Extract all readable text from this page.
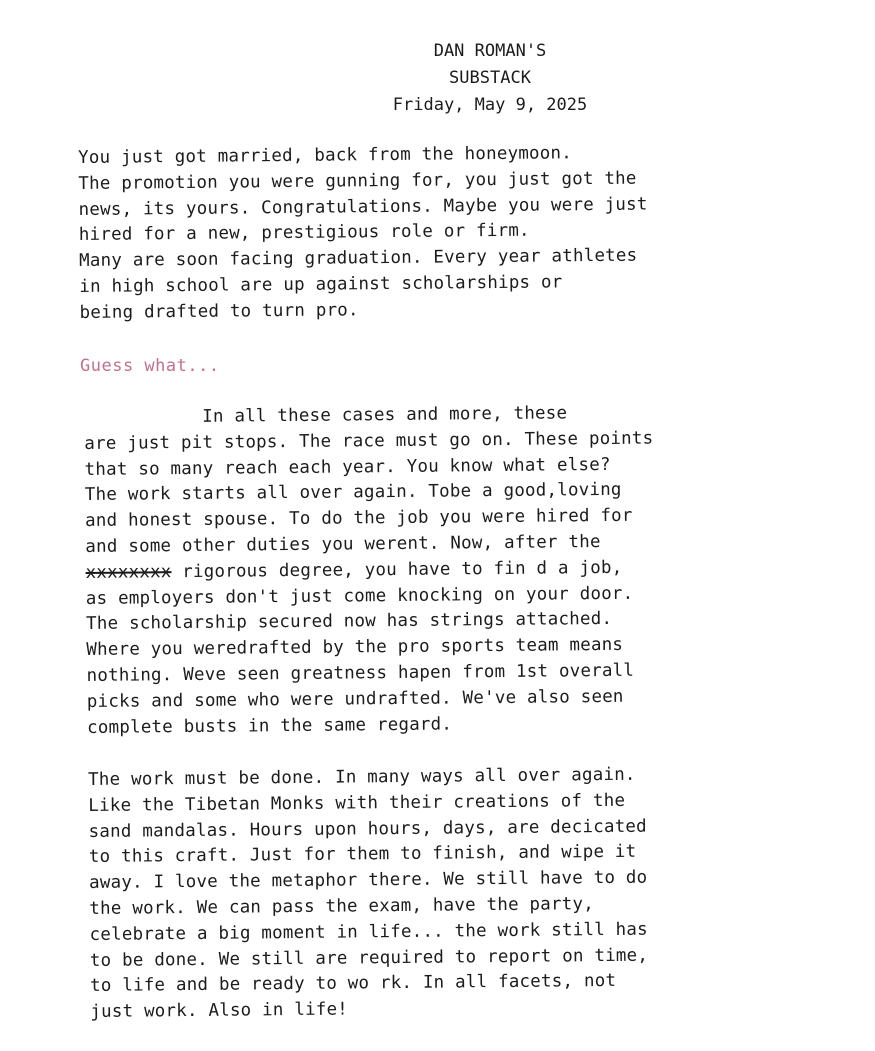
DAN ROMAN'S
SUBSTACK
Friday, May 9, 2025
You just got married, back from the honeymoon.
The promotion you were gunning for, you just got the
news, its yours. Congratulations. Maybe you were just
hired for a new, prestigious role or firm.
Many are soon facing graduation. Every year athletes
in high school are up against scholarships or
being drafted to turn pro.
Guess what...
In all these cases and more, these
are just pit stops. The race must go on. These points
that so many reach each year. You know what else?
The work starts all over again. Tobe a good,loving
and honest spouse. To do the job you were hired for
and some other duties you werent. Now, after the
xxxxxxxx rigorous degree, you have to fin d a job,
as employers don't just come knocking on your door.
The scholarship secured now has strings attached.
Where you weredrafted by the pro sports team means
nothing. Weve seen greatness hapen from 1st overall
picks and some who were undrafted. We've also seen
complete busts in the same regard.
The work must be done. In many ways all over again.
Like the Tibetan Monks with their creations of the
sand mandalas. Hours upon hours, days, are decicated
to this craft. Just for them to finish, and wipe it
away. I love the metaphor there. We still have to do
the work. We can pass the exam, have the party,
celebrate a big moment in life... the work still has
to be done. We still are required to report on time,
to life and be ready to wo rk. In all facets, not
just work. Also in life!
